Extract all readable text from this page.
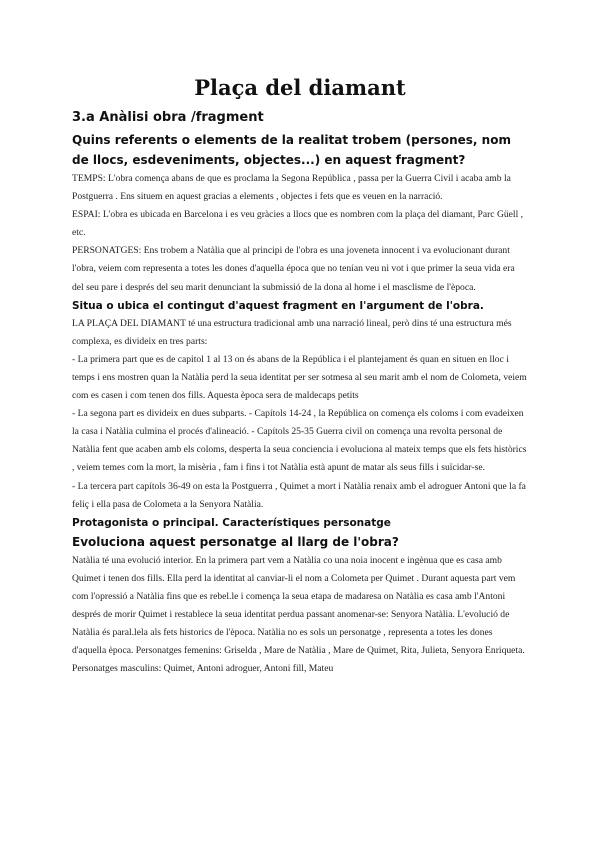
Plaça del diamant
3.a Anàlisi obra /fragment
Quins referents o elements de la realitat trobem (persones, nom de llocs, esdeveniments, objectes...) en aquest fragment?

TEMPS: L'obra comença abans de que es proclama la Segona República , passa per la Guerra Civil i acaba amb la Postguerra . Ens situem en aquest gracias a elements , objectes i fets que es veuen en la narració.

ESPAI: L'obra es ubicada en Barcelona i es veu gràcies a llocs que es nombren com la plaça del diamant, Parc Güell , etc.

PERSONATGES: Ens trobem a Natàlia que al principi de l'obra es una joveneta innocent i va evolucionant durant l'obra, veiem com representa a totes les dones d'aquella época que no tenían veu ni vot i que primer la seua vida era del seu pare i després del seu marit denunciant la submissió de la dona al home i el masclisme de l'època.

Situa o ubica el contingut d'aquest fragment en l'argument de l'obra.

LA PLAÇA DEL DIAMANT té una estructura tradicional amb una narració lineal, però dins té una estructura més complexa, es divideix en tres parts:

- La primera part que es de capitol 1 al 13 on és abans de la República i el plantejament és quan en situen en lloc i temps i ens mostren quan la Natàlia perd la seua identitat per ser sotmesa al seu marit amb el nom de Colometa, veiem com es casen i com tenen dos fills. Aquesta època sera de maldecaps petits

- La segona part es divideix en dues subparts. - Capítols 14-24 , la República on comença els coloms i com evadeixen la casa i Natàlia culmina el procés d'alineació. - Capítols 25-35 Guerra civil on comença una revolta personal de Natàlia fent que acaben amb els coloms, desperta la seua conciencia i evoluciona al mateix temps que els fets històrics , veiem temes com la mort, la misèria , fam i fins i tot Natàlia està apunt de matar als seus fills i suïcidar-se.

- La tercera part capítols 36-49 on esta la Postguerra , Quimet a mort i Natàlia renaix amb el adroguer Antoni que la fa feliç i ella pasa de Colometa a la Senyora Natàlia.

Protagonista o principal. Característiques personatge
Evoluciona aquest personatge al llarg de l'obra?

Natàlia té una evolució interior. En la primera part vem a Natàlia co una noia inocent e ingènua que es casa amb Quimet i tenen dos fills. Ella perd la identitat al canviar-li el nom a Colometa per Quimet . Durant aquesta part vem com l'opressió a Natàlia fins que es rebel.le i comença la seua etapa de madaresa on Natàlia es casa amb l'Antoni després de morir Quimet i restablece la seua identitat perdua passant anomenar-se: Senyora Natàlia. L'evolució de Natàlia és paral.lela als fets historics de l'època. Natàlia no es sols un personatge , representa a totes les dones d'aquella època. Personatges femenins: Griselda , Mare de Natàlia , Mare de Quimet, Rita, Julieta, Senyora Enriqueta. Personatges masculins: Quimet, Antoni adroguer, Antoni fill, Mateu
